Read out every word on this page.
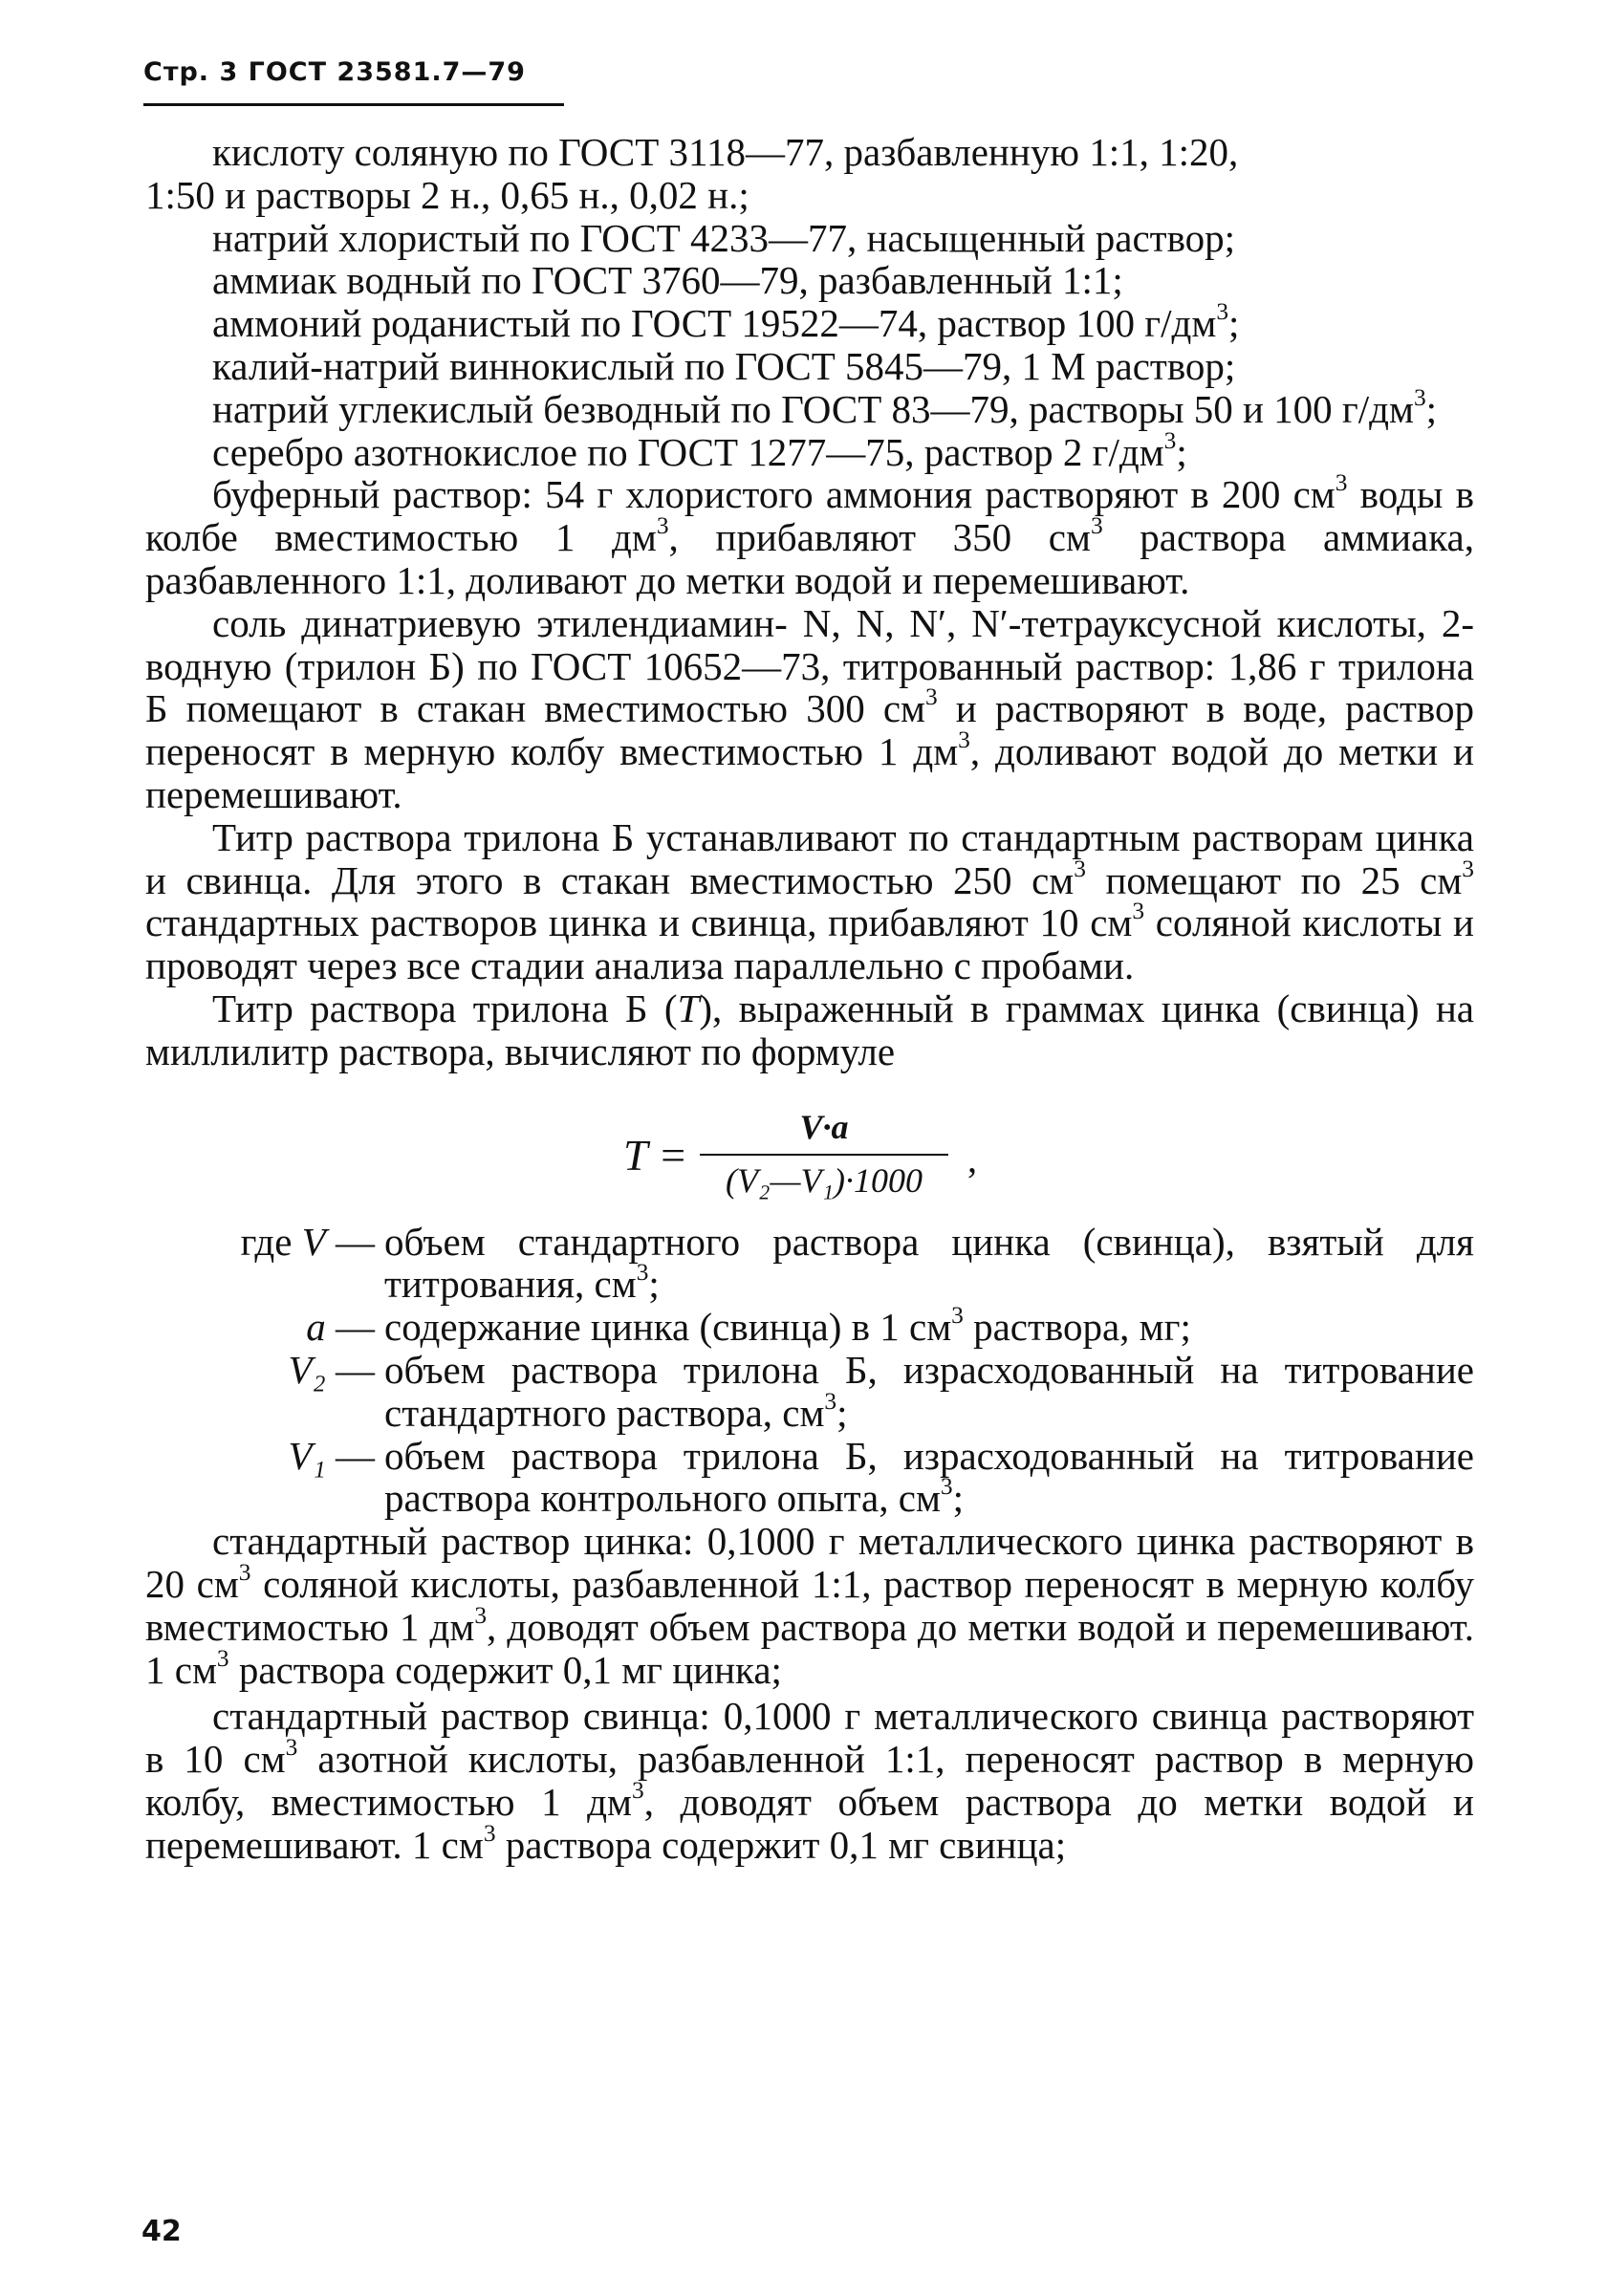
Стр. 3 ГОСТ 23581.7—79

кислоту соляную по ГОСТ 3118—77, разбавленную 1:1, 1:20,
1:50 и растворы 2 н., 0,65 н., 0,02 н.;

натрий хлористый по ГОСТ 4233—77, насыщенный раствор;

аммиак водный по ГОСТ 3760—79, разбавленный 1:1;

аммоний роданистый по ГОСТ 19522—74, раствор 100 $г/дм^3$;

калий-натрий виннокислый по ГОСТ 5845—79, 1 М раствор;

натрий углекислый безводный по ГОСТ 83—79, растворы 50 и 100 $г/дм^3$;

серебро азотнокислое по ГОСТ 1277—75, раствор 2 $г/дм^3$;

буферный раствор: 54 г хлористого аммония растворяют в 200 $см^3$ воды в колбе вместимостью 1 $дм^3$, прибавляют 350 $см^3$ раствора аммиака, разбавленного 1:1, доливают до метки водой и перемешивают.

соль динатриевую этилендиамин- N, N, N′, N′-тетрауксусной кислоты, 2-водную (трилон Б) по ГОСТ 10652—73, титрованный раствор: 1,86 г трилона Б помещают в стакан вместимостью 300 $см^3$ и растворяют в воде, раствор переносят в мерную колбу вместимостью 1 $дм^3$, доливают водой до метки и перемешивают.

Титр раствора трилона Б устанавливают по стандартным растворам цинка и свинца. Для этого в стакан вместимостью 250 $см^3$ помещают по 25 $см^3$ стандартных растворов цинка и свинца, прибавляют 10 $см^3$ соляной кислоты и проводят через все стадии анализа параллельно с пробами.

Титр раствора трилона Б (T), выраженный в граммах цинка (свинца) на миллилитр раствора, вычисляют по формуле

T =
V·a
(V₂—V₁)·1000
,
где V — объем стандартного раствора цинка (свинца), взятый для титрования, $см^3$;
a — содержание цинка (свинца) в 1 $см^3$ раствора, мг;
V₂ — объем раствора трилона Б, израсходованный на титрование стандартного раствора, $см^3$;
V₁ — объем раствора трилона Б, израсходованный на титрование раствора контрольного опыта, $см^3$;

стандартный раствор цинка: 0,1000 г металлического цинка растворяют в 20 $см^3$ соляной кислоты, разбавленной 1:1, раствор переносят в мерную колбу вместимостью 1 $дм^3$, доводят объем раствора до метки водой и перемешивают. 1 $см^3$ раствора содержит 0,1 мг цинка;

стандартный раствор свинца: 0,1000 г металлического свинца растворяют в 10 $см^3$ азотной кислоты, разбавленной 1:1, переносят раствор в мерную колбу, вместимостью 1 $дм^3$, доводят объем раствора до метки водой и перемешивают. 1 $см^3$ раствора содержит 0,1 мг свинца;

42
